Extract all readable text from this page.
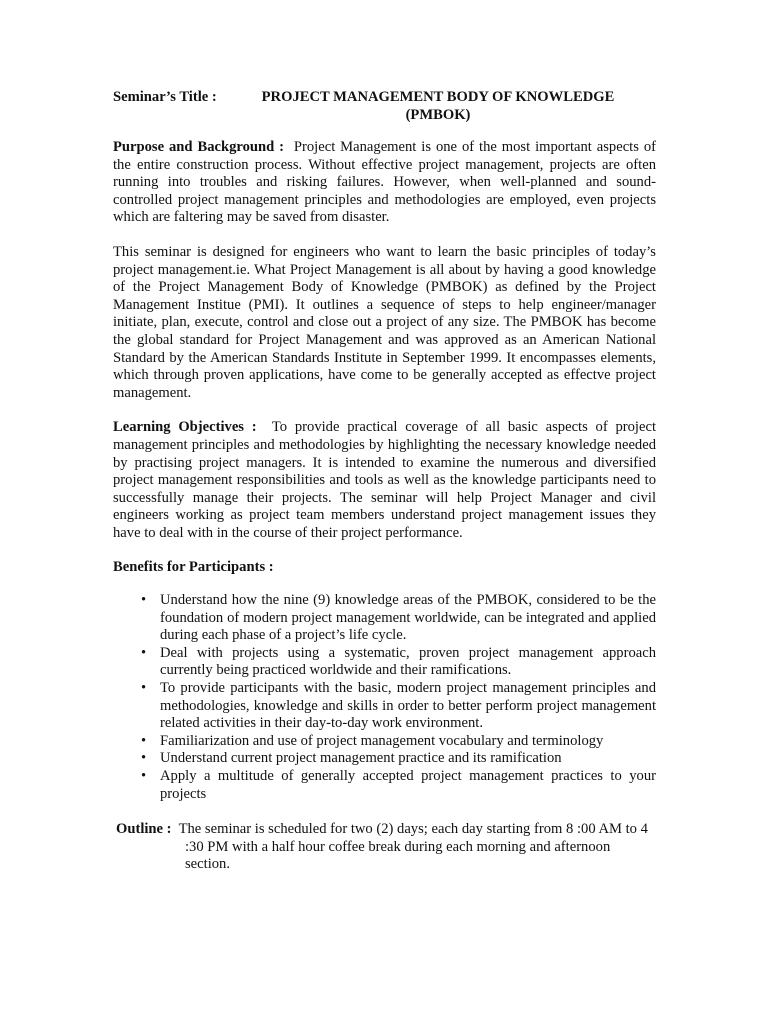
Seminar’s Title :	PROJECT MANAGEMENT BODY OF KNOWLEDGE
(PMBOK)

Purpose and Background : Project Management is one of the most important aspects of the entire construction process. Without effective project management, projects are often running into troubles and risking failures. However, when well-planned and sound-controlled project management principles and methodologies are employed, even projects which are faltering may be saved from disaster.

This seminar is designed for engineers who want to learn the basic principles of today’s project management.ie. What Project Management is all about by having a good knowledge of the Project Management Body of Knowledge (PMBOK) as defined by the Project Management Institue (PMI). It outlines a sequence of steps to help engineer/manager initiate, plan, execute, control and close out a project of any size. The PMBOK has become the global standard for Project Management and was approved as an American National Standard by the American Standards Institute in September 1999. It encompasses elements, which through proven applications, have come to be generally accepted as effectve project management.

Learning Objectives : To provide practical coverage of all basic aspects of project management principles and methodologies by highlighting the necessary knowledge needed by practising project managers. It is intended to examine the numerous and diversified project management responsibilities and tools as well as the knowledge participants need to successfully manage their projects. The seminar will help Project Manager and civil engineers working as project team members understand project management issues they have to deal with in the course of their project performance.

Benefits for Participants :

• Understand how the nine (9) knowledge areas of the PMBOK, considered to be the foundation of modern project management worldwide, can be integrated and applied during each phase of a project’s life cycle.
• Deal with projects using a systematic, proven project management approach currently being practiced worldwide and their ramifications.
• To provide participants with the basic, modern project management principles and methodologies, knowledge and skills in order to better perform project management related activities in their day-to-day work environment.
• Familiarization and use of project management vocabulary and terminology
• Understand current project management practice and its ramification
• Apply a multitude of generally accepted project management practices to your projects
Outline : The seminar is scheduled for two (2) days; each day starting from 8 :00 AM to 4 :30 PM with a half hour coffee break during each morning and afternoon section.
